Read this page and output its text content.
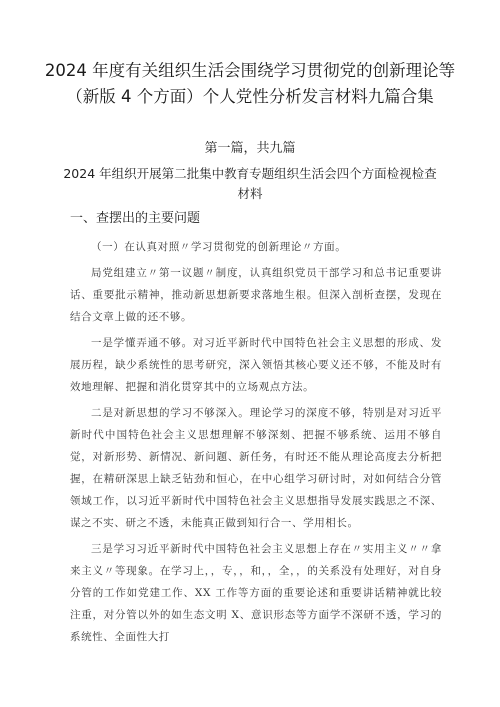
2024 年度有关组织生活会围绕学习贯彻党的创新理论等（新版 4 个方面）个人党性分析发言材料九篇合集
第一篇，共九篇
2024 年组织开展第二批集中教育专题组织生活会四个方面检视检查材料
一、查摆出的主要问题

（一）在认真对照〃学习贯彻党的创新理论〃方面。

局党组建立〃第一议题〃制度，认真组织党员干部学习和总书记重要讲话、重要批示精神，推动新思想新要求落地生根。但深入剖析查摆，发现在结合文章上做的还不够。

一是学懂弄通不够。对习近平新时代中国特色社会主义思想的形成、发展历程，缺少系统性的思考研究，深入领悟其核心要义还不够，不能及时有效地理解、把握和消化贯穿其中的立场观点方法。

二是对新思想的学习不够深入。理论学习的深度不够，特别是对习近平新时代中国特色社会主义思想理解不够深刻、把握不够系统、运用不够自觉，对新形势、新情况、新问题、新任务，有时还不能从理论高度去分析把握，在精研深思上缺乏钻劲和恒心，在中心组学习研讨时，对如何结合分管领域工作，以习近平新时代中国特色社会主义思想指导发展实践思之不深、谋之不实、研之不透，未能真正做到知行合一、学用相长。

三是学习习近平新时代中国特色社会主义思想上存在〃实用主义〃〃拿来主义〃等现象。在学习上，，专，，和，，全，，的关系没有处理好，对自身分管的工作如党建工作、XX 工作等方面的重要论述和重要讲话精神就比较注重，对分管以外的如生态文明 X、意识形态等方面学不深研不透，学习的系统性、全面性大打
